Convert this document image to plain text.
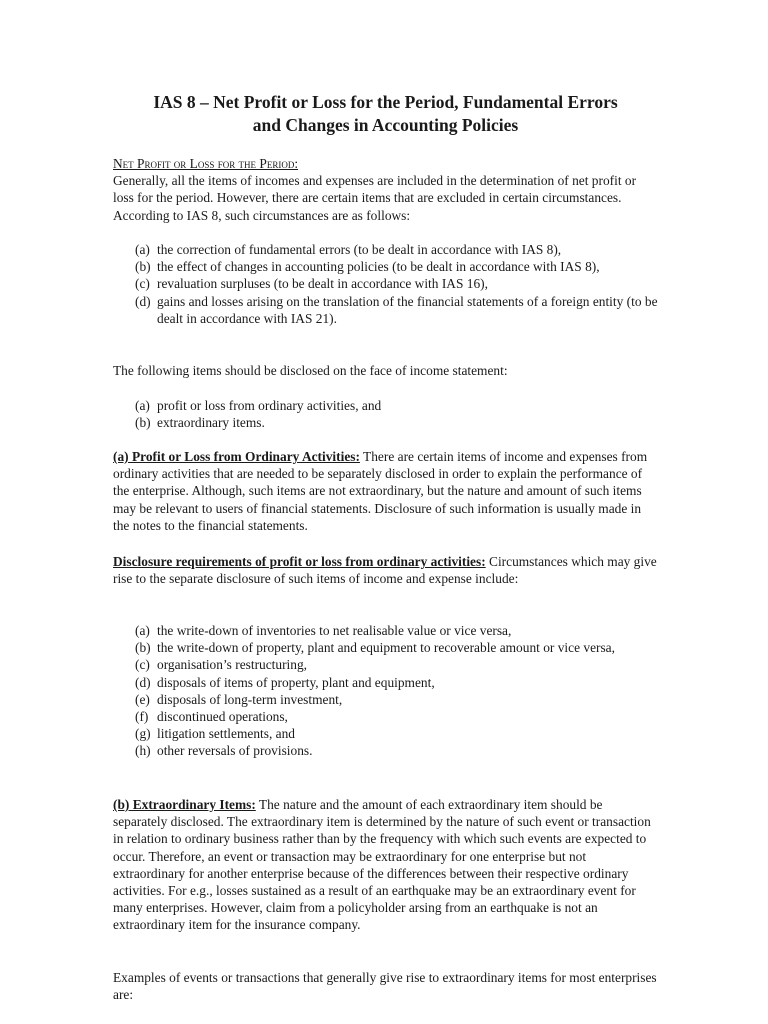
IAS 8 – Net Profit or Loss for the Period, Fundamental Errors
and Changes in Accounting Policies
Net Profit or Loss for the Period:

Generally, all the items of incomes and expenses are included in the determination of net profit or loss for the period. However, there are certain items that are excluded in certain circumstances. According to IAS 8, such circumstances are as follows:

(a) the correction of fundamental errors (to be dealt in accordance with IAS 8),
(b) the effect of changes in accounting policies (to be dealt in accordance with IAS 8),
(c) revaluation surpluses (to be dealt in accordance with IAS 16),
(d) gains and losses arising on the translation of the financial statements of a foreign entity (to be dealt in accordance with IAS 21).

The following items should be disclosed on the face of income statement:

(a) profit or loss from ordinary activities, and
(b) extraordinary items.

(a) Profit or Loss from Ordinary Activities: There are certain items of income and expenses from ordinary activities that are needed to be separately disclosed in order to explain the performance of the enterprise. Although, such items are not extraordinary, but the nature and amount of such items may be relevant to users of financial statements. Disclosure of such information is usually made in the notes to the financial statements.

Disclosure requirements of profit or loss from ordinary activities: Circumstances which may give rise to the separate disclosure of such items of income and expense include:

(a) the write-down of inventories to net realisable value or vice versa,
(b) the write-down of property, plant and equipment to recoverable amount or vice versa,
(c) organisation’s restructuring,
(d) disposals of items of property, plant and equipment,
(e) disposals of long-term investment,
(f) discontinued operations,
(g) litigation settlements, and
(h) other reversals of provisions.

(b) Extraordinary Items: The nature and the amount of each extraordinary item should be separately disclosed. The extraordinary item is determined by the nature of such event or transaction in relation to ordinary business rather than by the frequency with which such events are expected to occur. Therefore, an event or transaction may be extraordinary for one enterprise but not extraordinary for another enterprise because of the differences between their respective ordinary activities. For e.g., losses sustained as a result of an earthquake may be an extraordinary event for many enterprises. However, claim from a policyholder arsing from an earthquake is not an extraordinary item for the insurance company.

Examples of events or transactions that generally give rise to extraordinary items for most enterprises are:
